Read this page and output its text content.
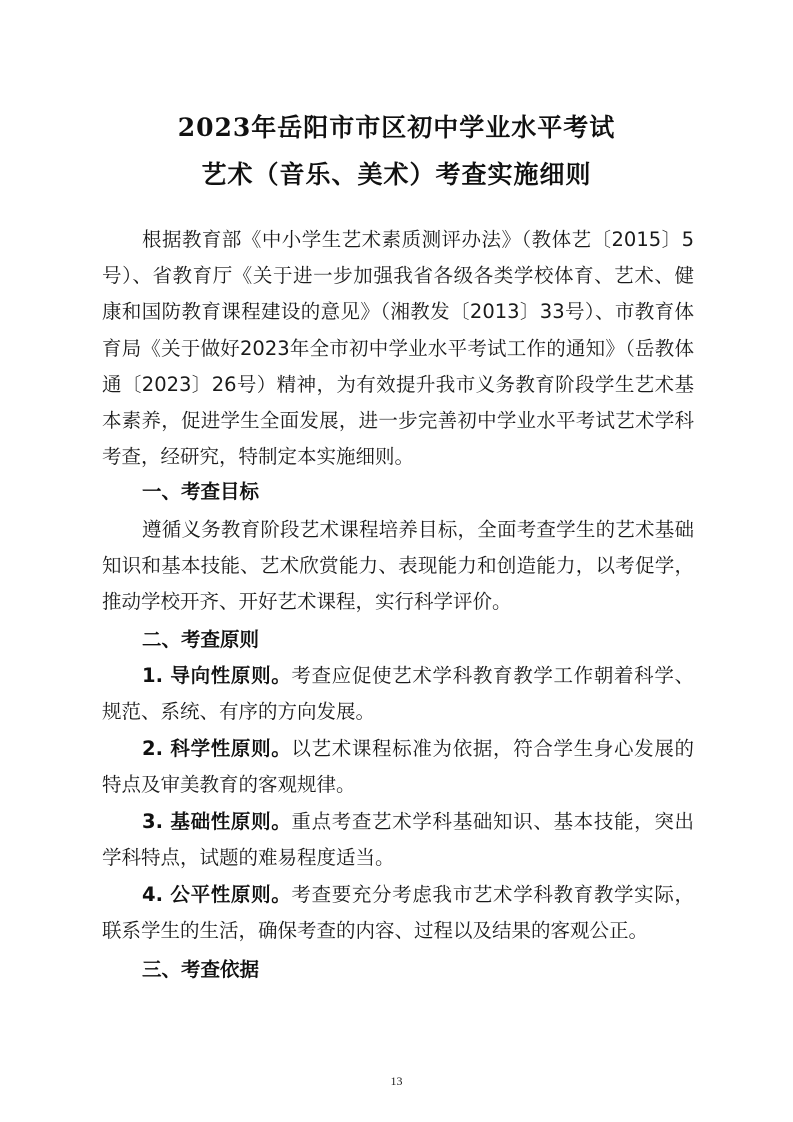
2023年岳阳市市区初中学业水平考试
艺术（音乐、美术）考查实施细则

根据教育部《中小学生艺术素质测评办法》（教体艺〔2015〕5号）、省教育厅《关于进一步加强我省各级各类学校体育、艺术、健康和国防教育课程建设的意见》（湘教发〔2013〕33号）、市教育体育局《关于做好2023年全市初中学业水平考试工作的通知》（岳教体通〔2023〕26号）精神，为有效提升我市义务教育阶段学生艺术基本素养，促进学生全面发展，进一步完善初中学业水平考试艺术学科考查，经研究，特制定本实施细则。

一、考查目标

遵循义务教育阶段艺术课程培养目标，全面考查学生的艺术基础知识和基本技能、艺术欣赏能力、表现能力和创造能力，以考促学，推动学校开齐、开好艺术课程，实行科学评价。

二、考查原则

1. 导向性原则。考查应促使艺术学科教育教学工作朝着科学、规范、系统、有序的方向发展。

2. 科学性原则。以艺术课程标准为依据，符合学生身心发展的特点及审美教育的客观规律。

3. 基础性原则。重点考查艺术学科基础知识、基本技能，突出学科特点，试题的难易程度适当。

4. 公平性原则。考查要充分考虑我市艺术学科教育教学实际，联系学生的生活，确保考查的内容、过程以及结果的客观公正。

三、考查依据
13
